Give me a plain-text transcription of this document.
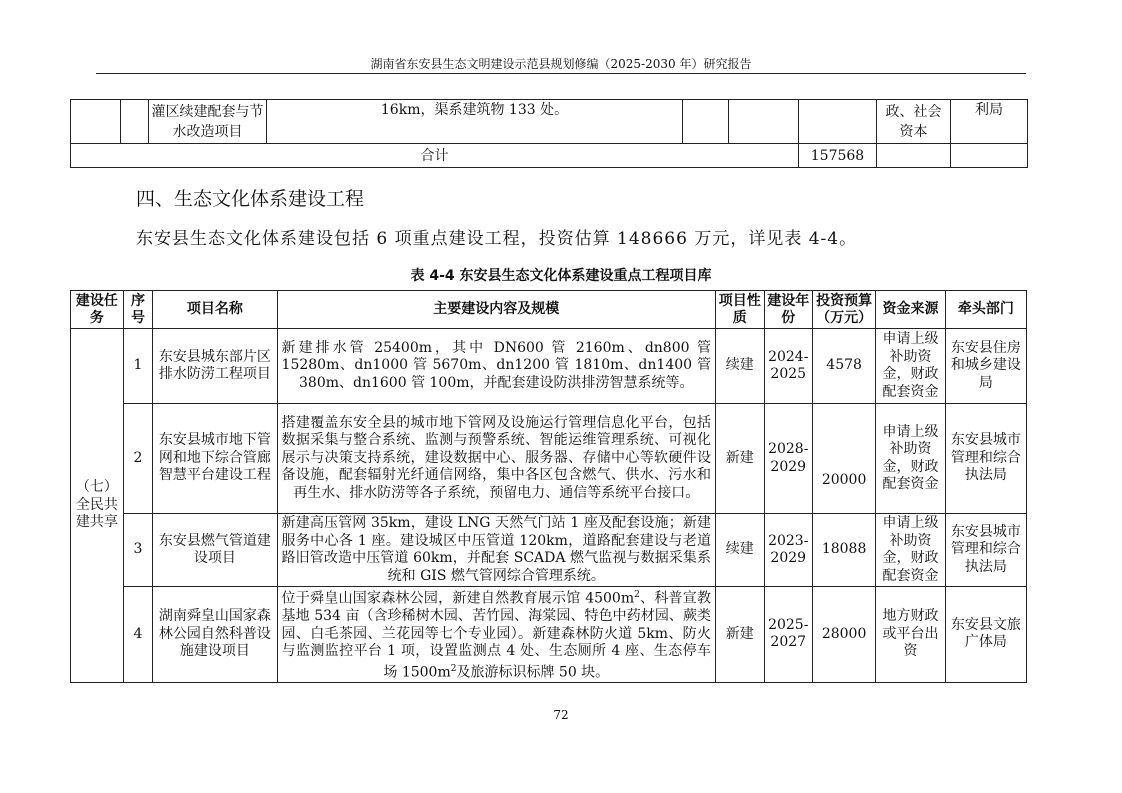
湖南省东安县生态文明建设示范县规划修编（2025-2030 年）研究报告
		灌区续建配套与节水改造项目	16km，渠系建筑物 133 处。				政、社会资本	利局
合计						157568		
四、生态文化体系建设工程
东安县生态文化体系建设包括 6 项重点建设工程，投资估算 148666 万元，详见表 4-4。
表 4-4 东安县生态文化体系建设重点工程项目库
建设任务	序号	项目名称	主要建设内容及规模	项目性质	建设年份	投资预算（万元）	资金来源	牵头部门
（七）全民共建共享	1	东安县城东部片区排水防涝工程项目	新建排水管 25400m，其中 DN600 管 2160m、dn800 管 15280m、dn1000 管 5670m、dn1200 管 1810m、dn1400 管 380m、dn1600 管 100m，并配套建设防洪排涝智慧系统等。	续建	2024-2025	4578	申请上级补助资金，财政配套资金	东安县住房和城乡建设局
	2	东安县城市地下管网和地下综合管廊智慧平台建设工程	搭建覆盖东安全县的城市地下管网及设施运行管理信息化平台，包括数据采集与整合系统、监测与预警系统、智能运维管理系统、可视化展示与决策支持系统，建设数据中心、服务器、存储中心等软硬件设备设施，配套辐射光纤通信网络，集中各区包含燃气、供水、污水和再生水、排水防涝等各子系统，预留电力、通信等系统平台接口。	新建	2028-2029	20000	申请上级补助资金，财政配套资金	东安县城市管理和综合执法局
	3	东安县燃气管道建设项目	新建高压管网 35km，建设 LNG 天然气门站 1 座及配套设施；新建服务中心各 1 座。建设城区中压管道 120km，道路配套建设与老道路旧管改造中压管道 60km，并配套 SCADA 燃气监视与数据采集系统和 GIS 燃气管网综合管理系统。	续建	2023-2029	18088	申请上级补助资金，财政配套资金	东安县城市管理和综合执法局
	4	湖南舜皇山国家森林公园自然科普设施建设项目	位于舜皇山国家森林公园，新建自然教育展示馆 $4500m^2$、科普宣教基地 534 亩（含珍稀树木园、苦竹园、海棠园、特色中药材园、蕨类园、白毛茶园、兰花园等七个专业园）。新建森林防火道 5km、防火与监测监控平台 1 项，设置监测点 4 处、生态厕所 4 座、生态停车场 $1500m^2$及旅游标识标牌 50 块。	新建	2025-2027	28000	地方财政或平台出资	东安县文旅广体局
72
